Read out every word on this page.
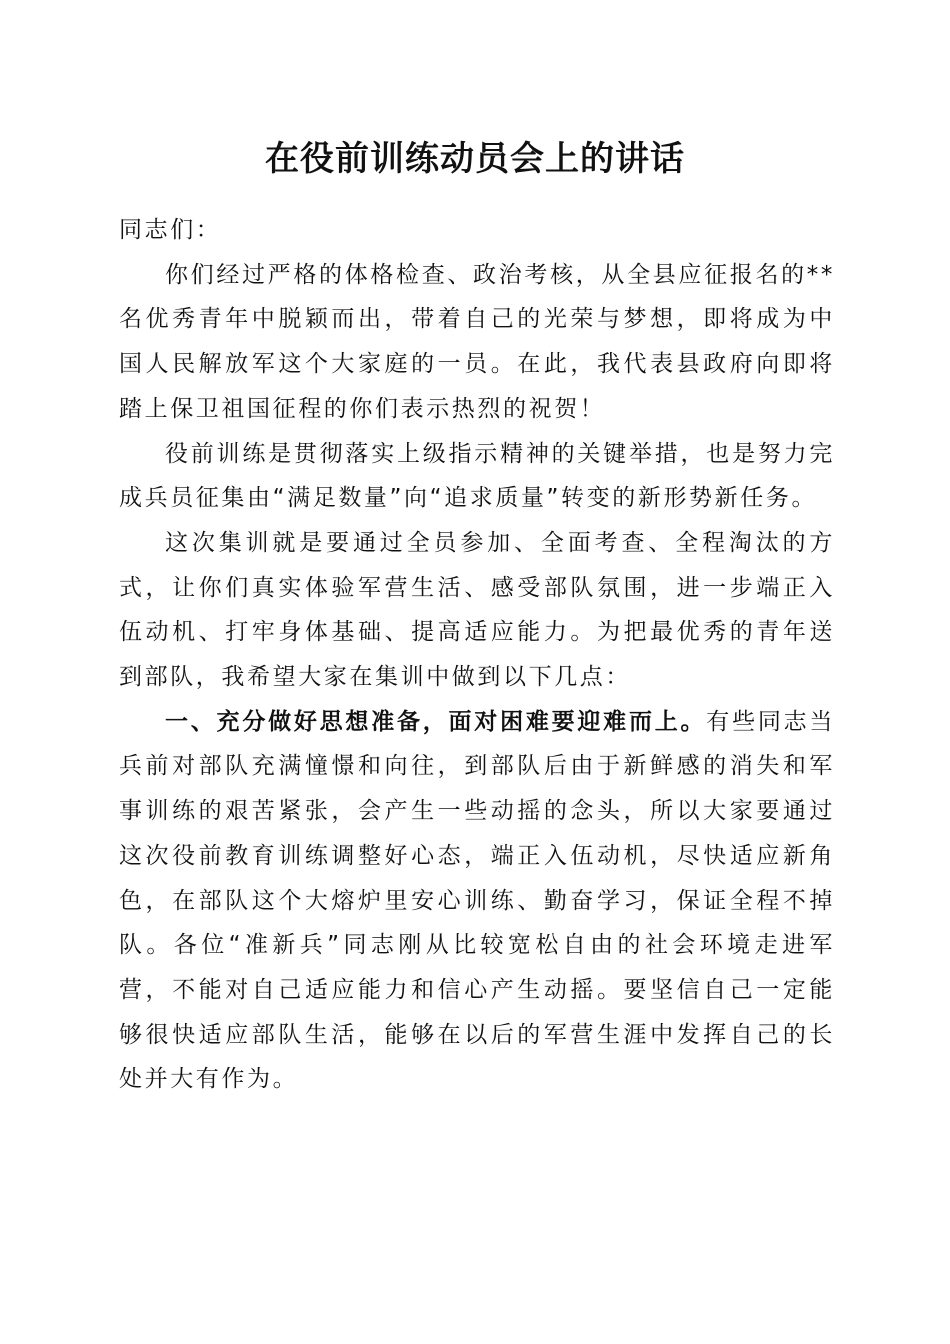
在役前训练动员会上的讲话

同志们：

你们经过严格的体格检查、政治考核，从全县应征报名的**名优秀青年中脱颖而出，带着自己的光荣与梦想，即将成为中国人民解放军这个大家庭的一员。在此，我代表县政府向即将踏上保卫祖国征程的你们表示热烈的祝贺！

役前训练是贯彻落实上级指示精神的关键举措，也是努力完成兵员征集由“满足数量”向“追求质量”转变的新形势新任务。

这次集训就是要通过全员参加、全面考查、全程淘汰的方式，让你们真实体验军营生活、感受部队氛围，进一步端正入伍动机、打牢身体基础、提高适应能力。为把最优秀的青年送到部队，我希望大家在集训中做到以下几点：

一、充分做好思想准备，面对困难要迎难而上。有些同志当兵前对部队充满憧憬和向往，到部队后由于新鲜感的消失和军事训练的艰苦紧张，会产生一些动摇的念头，所以大家要通过这次役前教育训练调整好心态，端正入伍动机，尽快适应新角色，在部队这个大熔炉里安心训练、勤奋学习，保证全程不掉队。各位“准新兵”同志刚从比较宽松自由的社会环境走进军营，不能对自己适应能力和信心产生动摇。要坚信自己一定能够很快适应部队生活，能够在以后的军营生涯中发挥自己的长处并大有作为。
